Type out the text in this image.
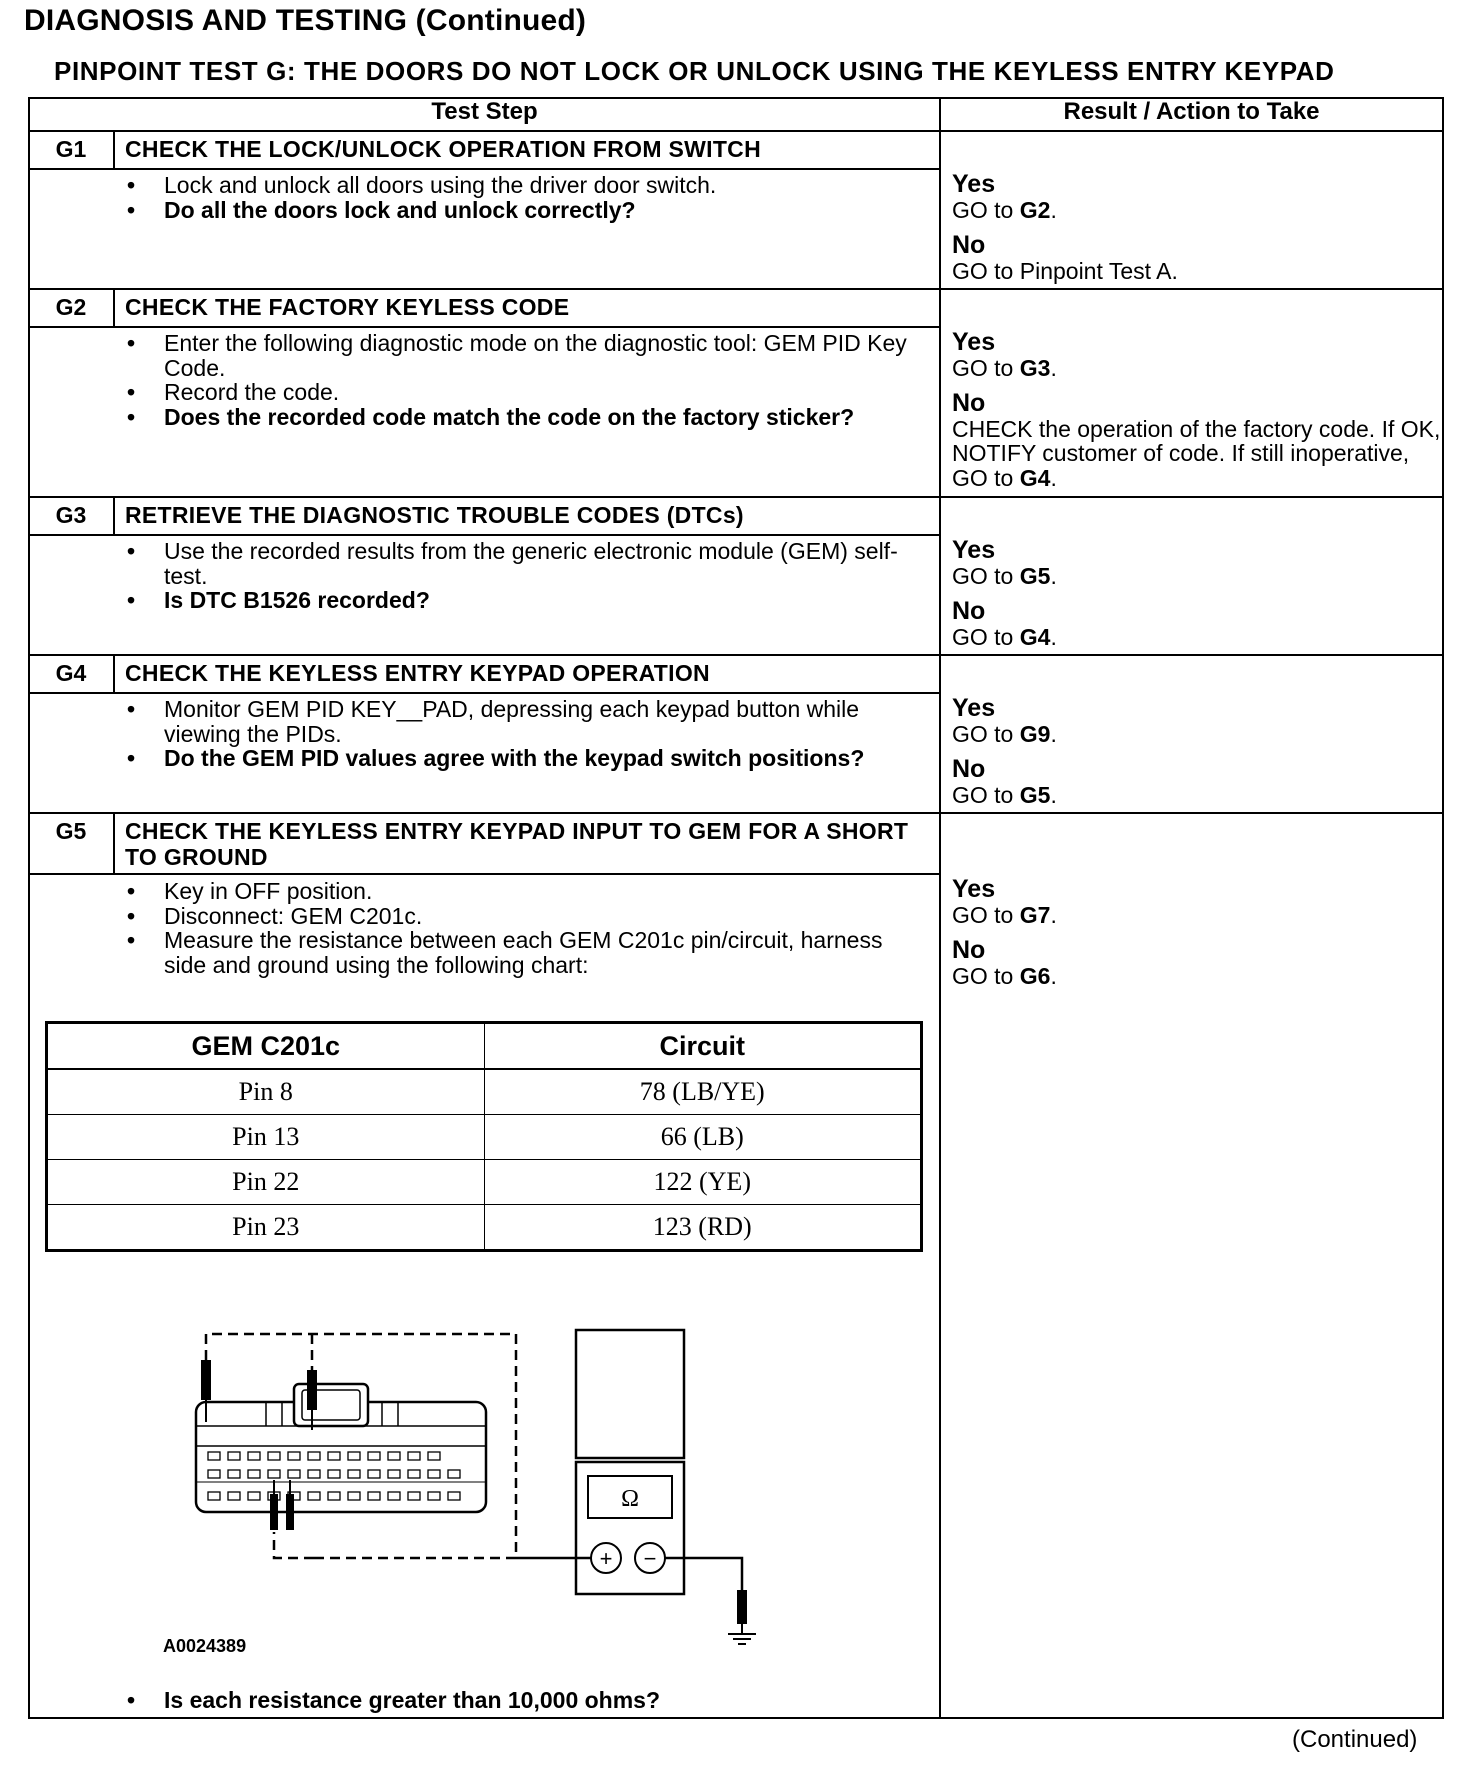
DIAGNOSIS AND TESTING (Continued)
PINPOINT TEST G: THE DOORS DO NOT LOCK OR UNLOCK USING THE KEYLESS ENTRY KEYPAD
Test Step	Result / Action to Take
G1	CHECK THE LOCK/UNLOCK OPERATION FROM SWITCH
• Lock and unlock all doors using the driver door switch.
• Do all the doors lock and unlock correctly?
Yes
GO to G2.
No
GO to Pinpoint Test A.
G2	CHECK THE FACTORY KEYLESS CODE
• Enter the following diagnostic mode on the diagnostic tool: GEM PID Key Code.
• Record the code.
• Does the recorded code match the code on the factory sticker?
Yes
GO to G3.
No
CHECK the operation of the factory code. If OK, NOTIFY customer of code. If still inoperative, GO to G4.
G3	RETRIEVE THE DIAGNOSTIC TROUBLE CODES (DTCs)
• Use the recorded results from the generic electronic module (GEM) self-test.
• Is DTC B1526 recorded?
Yes
GO to G5.
No
GO to G4.
G4	CHECK THE KEYLESS ENTRY KEYPAD OPERATION
• Monitor GEM PID KEY__PAD, depressing each keypad button while viewing the PIDs.
• Do the GEM PID values agree with the keypad switch positions?
Yes
GO to G9.
No
GO to G5.
G5	CHECK THE KEYLESS ENTRY KEYPAD INPUT TO GEM FOR A SHORT TO GROUND
• Key in OFF position.
• Disconnect: GEM C201c.
• Measure the resistance between each GEM C201c pin/circuit, harness side and ground using the following chart:
Yes
GO to G7.
No
GO to G6.
GEM C201c	Circuit
Pin 8	78 (LB/YE)
Pin 13	66 (LB)
Pin 22	122 (YE)
Pin 23	123 (RD)
Ω
+ −
A0024389
• Is each resistance greater than 10,000 ohms?
(Continued)
